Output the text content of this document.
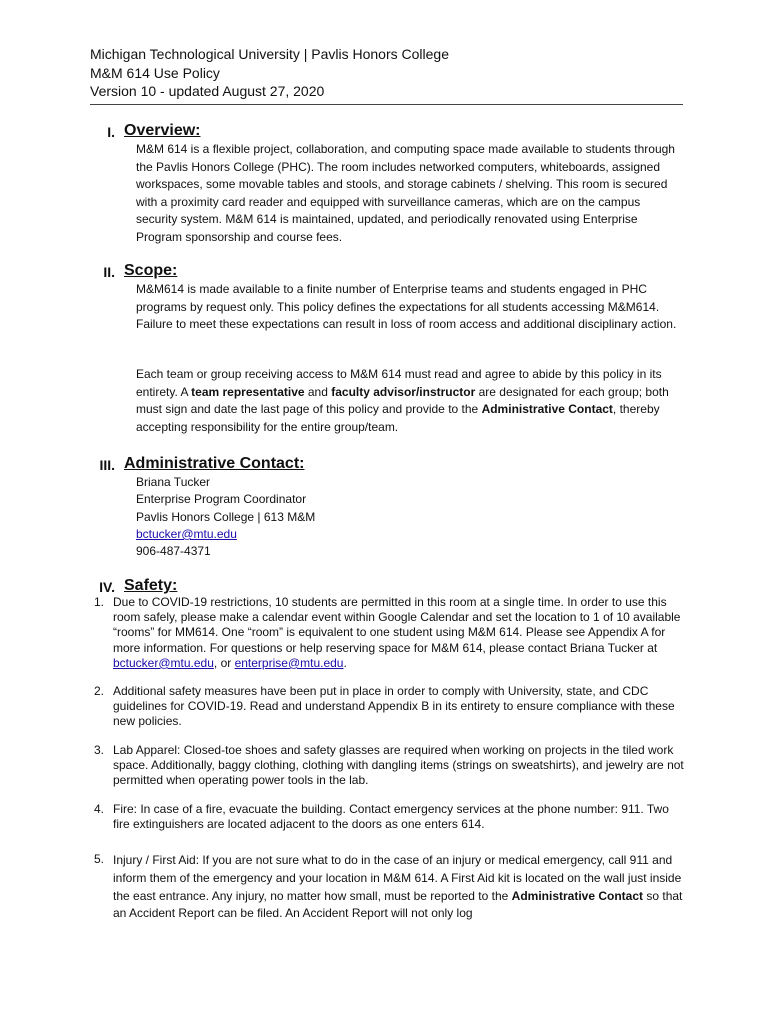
Michigan Technological University | Pavlis Honors College
M&M 614 Use Policy
Version 10 - updated August 27, 2020
I. Overview:
M&M 614 is a flexible project, collaboration, and computing space made available to students through the Pavlis Honors College (PHC). The room includes networked computers, whiteboards, assigned workspaces, some movable tables and stools, and storage cabinets / shelving. This room is secured with a proximity card reader and equipped with surveillance cameras, which are on the campus security system. M&M 614 is maintained, updated, and periodically renovated using Enterprise Program sponsorship and course fees.
II. Scope:
M&M614 is made available to a finite number of Enterprise teams and students engaged in PHC programs by request only. This policy defines the expectations for all students accessing M&M614. Failure to meet these expectations can result in loss of room access and additional disciplinary action.
Each team or group receiving access to M&M 614 must read and agree to abide by this policy in its entirety. A team representative and faculty advisor/instructor are designated for each group; both must sign and date the last page of this policy and provide to the Administrative Contact, thereby accepting responsibility for the entire group/team.
III. Administrative Contact:
Briana Tucker
Enterprise Program Coordinator
Pavlis Honors College | 613 M&M
bctucker@mtu.edu
906-487-4371
IV. Safety:
1. Due to COVID-19 restrictions, 10 students are permitted in this room at a single time. In order to use this room safely, please make a calendar event within Google Calendar and set the location to 1 of 10 available “rooms” for MM614. One “room” is equivalent to one student using M&M 614. Please see Appendix A for more information. For questions or help reserving space for M&M 614, please contact Briana Tucker at bctucker@mtu.edu, or enterprise@mtu.edu.
2. Additional safety measures have been put in place in order to comply with University, state, and CDC guidelines for COVID-19. Read and understand Appendix B in its entirety to ensure compliance with these new policies.
3. Lab Apparel: Closed-toe shoes and safety glasses are required when working on projects in the tiled work space. Additionally, baggy clothing, clothing with dangling items (strings on sweatshirts), and jewelry are not permitted when operating power tools in the lab.
4. Fire: In case of a fire, evacuate the building. Contact emergency services at the phone number: 911. Two fire extinguishers are located adjacent to the doors as one enters 614.
5. Injury / First Aid: If you are not sure what to do in the case of an injury or medical emergency, call 911 and inform them of the emergency and your location in M&M 614. A First Aid kit is located on the wall just inside the east entrance. Any injury, no matter how small, must be reported to the Administrative Contact so that an Accident Report can be filed. An Accident Report will not only log
